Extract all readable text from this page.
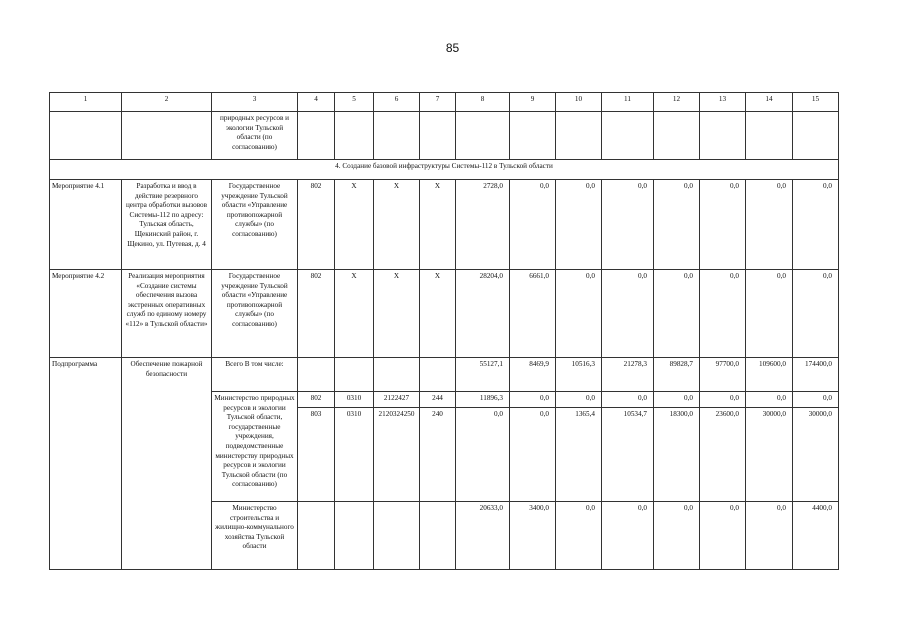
85
1	2	3	4	5	6	7	8	9	10	11	12	13	14	15
		природных ресурсов и экологии Тульской области (по согласованию)												
4. Создание базовой инфраструктуры Системы-112 в Тульской области														
Мероприятие 4.1	Разработка и ввод в действие резервного центра обработки вызовов Системы-112 по адресу: Тульская область, Щекинский район, г. Щекино, ул. Путевая, д. 4	Государственное учреждение Тульской области «Управление противопожарной службы» (по согласованию)	802	Х	Х	Х	2728,0	0,0	0,0	0,0	0,0	0,0	0,0	0,0
Мероприятие 4.2	Реализация мероприятия «Создание системы обеспечения вызова экстренных оперативных служб по единому номеру «112» в Тульской области»	Государственное учреждение Тульской области «Управление противопожарной службы» (по согласованию)	802	Х	Х	Х	28204,0	6661,0	0,0	0,0	0,0	0,0	0,0	0,0
Подпрограмма	Обеспечение пожарной безопасности	Всего В том числе:					55127,1	8469,9	10516,3	21278,3	89828,7	97700,0	109600,0	174400,0
		Министерство природных ресурсов и экологии Тульской области, государственные учреждения, подведомственные министерству природных ресурсов и экологии Тульской области (по согласованию)	802	0310	2122427	244	11896,3	0,0	0,0	0,0	0,0	0,0	0,0	0,0
			803	0310	2120324250	240	0,0	0,0	1365,4	10534,7	18300,0	23600,0	30000,0	30000,0
		Министерство строительства и жилищно-коммунального хозяйства Тульской области					20633,0	3400,0	0,0	0,0	0,0	0,0	0,0	4400,0
